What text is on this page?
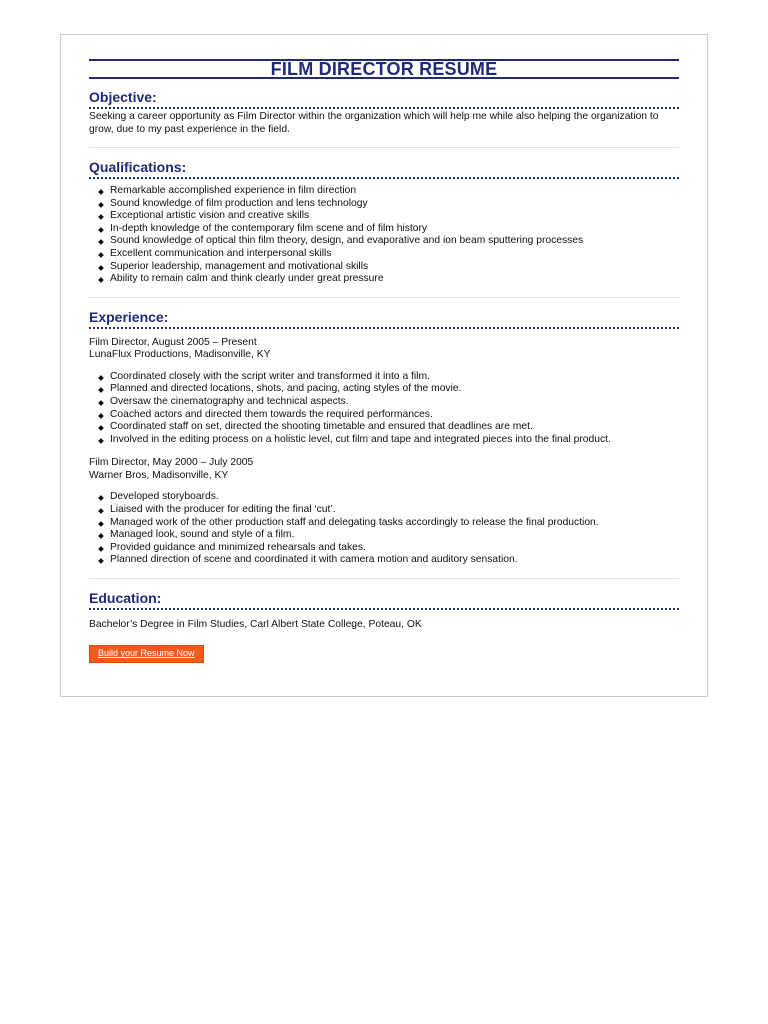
FILM DIRECTOR RESUME
Objective:

Seeking a career opportunity as Film Director within the organization which will help me while also helping the organization to grow, due to my past experience in the field.

Qualifications:
Remarkable accomplished experience in film direction
Sound knowledge of film production and lens technology
Exceptional artistic vision and creative skills
In-depth knowledge of the contemporary film scene and of film history
Sound knowledge of optical thin film theory, design, and evaporative and ion beam sputtering processes
Excellent communication and interpersonal skills
Superior leadership, management and motivational skills
Ability to remain calm and think clearly under great pressure
Experience:
Film Director, August 2005 – Present
LunaFlux Productions, Madisonville, KY
Coordinated closely with the script writer and transformed it into a film.
Planned and directed locations, shots, and pacing, acting styles of the movie.
Oversaw the cinematography and technical aspects.
Coached actors and directed them towards the required performances.
Coordinated staff on set, directed the shooting timetable and ensured that deadlines are met.
Involved in the editing process on a holistic level, cut film and tape and integrated pieces into the final product.
Film Director, May 2000 – July 2005
Warner Bros, Madisonville, KY
Developed storyboards.
Liaised with the producer for editing the final ‘cut’.
Managed work of the other production staff and delegating tasks accordingly to release the final production.
Managed look, sound and style of a film.
Provided guidance and minimized rehearsals and takes.
Planned direction of scene and coordinated it with camera motion and auditory sensation.
Education:

Bachelor’s Degree in Film Studies, Carl Albert State College, Poteau, OK

Build your Resume Now
